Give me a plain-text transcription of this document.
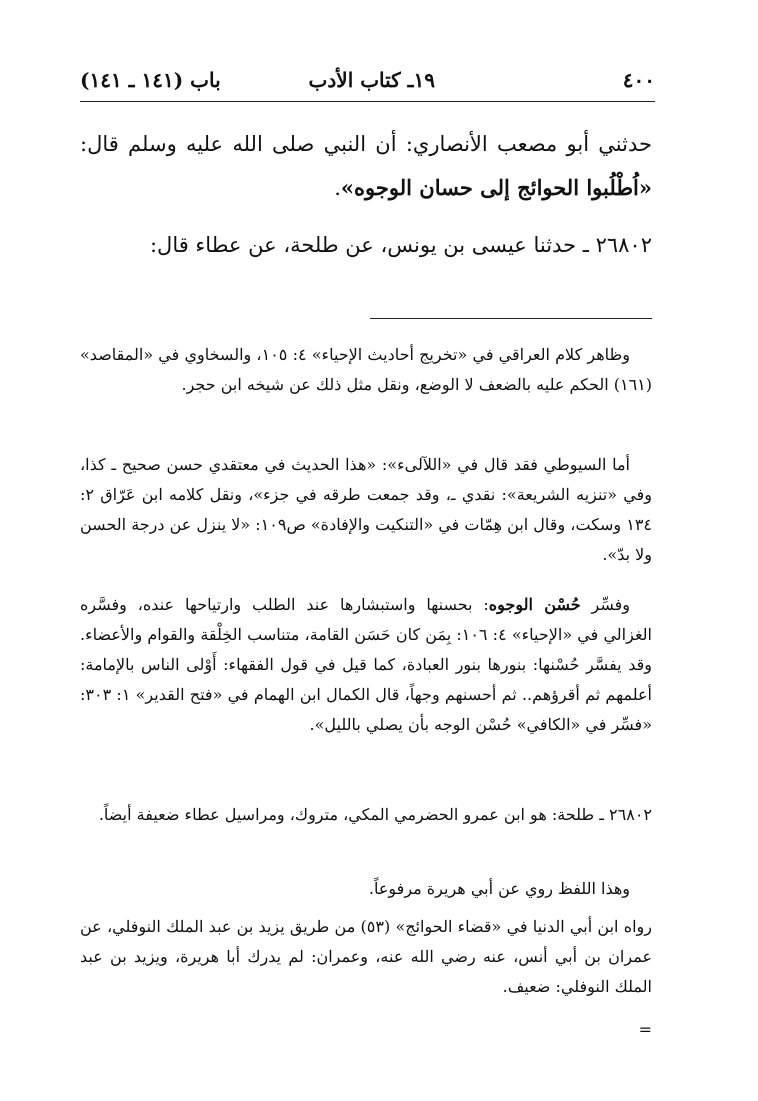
٤٠٠
١٩ـ كتاب الأدب
باب (١٤١ ـ ١٤١)
حدثني أبو مصعب الأنصاري: أن النبي صلى الله عليه وسلم قال: «اُطْلُبوا الحوائج إلى حسان الوجوه».
٢٦٨٠٢ ـ حدثنا عيسى بن يونس، عن طلحة، عن عطاء قال:
وظاهر كلام العراقي في «تخريج أحاديث الإحياء» ٤: ١٠٥، والسخاوي في «المقاصد» (١٦١) الحكم عليه بالضعف لا الوضع، ونقل مثل ذلك عن شيخه ابن حجر.
أما السيوطي فقد قال في «اللآلىء»: «هذا الحديث في معتقدي حسن صحيح ـ كذا، وفي «تنزيه الشريعة»: نقدي ـ، وقد جمعت طرقه في جزء»، ونقل كلامه ابن عَرّاق ٢: ١٣٤ وسكت، وقال ابن هِمّات في «التنكيت والإفادة» ص١٠٩: «لا ينزل عن درجة الحسن ولا بدّ».
وفسِّر حُسْن الوجوه: بحسنها واستبشارها عند الطلب وارتياحها عنده، وفسَّره الغزالي في «الإحياء» ٤: ١٠٦: بِمَن كان حَسَن القامة، متناسب الخِلْقة والقوام والأعضاء. وقد يفسَّر حُسْنها: بنورها بنور العبادة، كما قيل في قول الفقهاء: أَوْلى الناس بالإمامة: أعلمهم ثم أقرؤهم.. ثم أحسنهم وجهاً، قال الكمال ابن الهمام في «فتح القدير» ١: ٣٠٣: «فسِّر في «الكافي» حُسْن الوجه بأن يصلي بالليل».
٢٦٨٠٢ ـ طلحة: هو ابن عمرو الحضرمي المكي، متروك، ومراسيل عطاء ضعيفة أيضاً.
وهذا اللفظ روي عن أبي هريرة مرفوعاً.
رواه ابن أبي الدنيا في «قضاء الحوائج» (٥٣) من طريق يزيد بن عبد الملك النوفلي، عن عمران بن أبي أنس، عنه رضي الله عنه، وعمران: لم يدرك أبا هريرة، ويزيد بن عبد الملك النوفلي: ضعيف.
=
